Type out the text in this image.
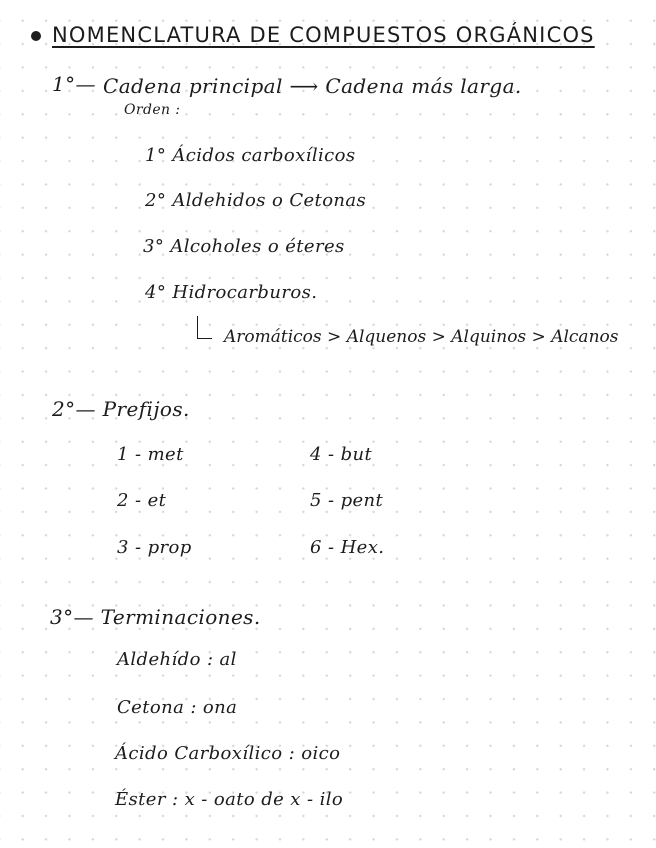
NOMENCLATURA DE COMPUESTOS ORGÁNICOS
1°— Cadena principal ⟶ Cadena más larga.
Orden :
1° Ácidos carboxílicos
2° Aldehidos o Cetonas
3° Alcoholes o éteres
4° Hidrocarburos.
Aromáticos > Alquenos > Alquinos > Alcanos
2°— Prefijos.
1 - met
2 - et
3 - prop
4 - but
5 - pent
6 - Hex.
3°— Terminaciones.
Aldehído : al
Cetona : ona
Ácido Carboxílico : oico
Éster : x - oato de x - ilo
